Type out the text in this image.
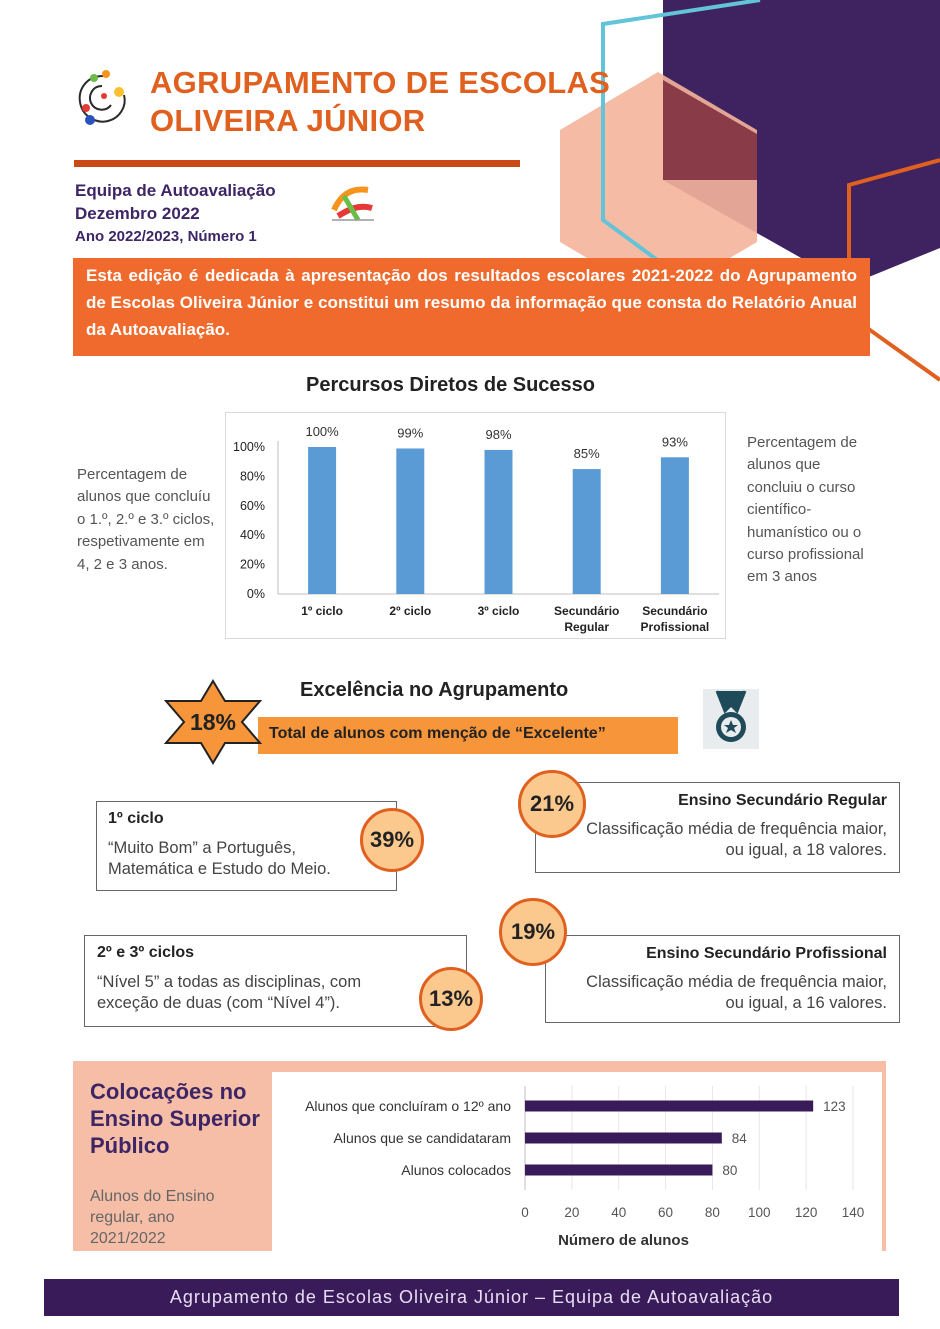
AGRUPAMENTO DE ESCOLAS
OLIVEIRA JÚNIOR
Equipa de Autoavaliação
Dezembro 2022
Ano 2022/2023, Número 1
Esta edição é dedicada à apresentação dos resultados escolares 2021-2022 do Agrupamento de Escolas Oliveira Júnior e constitui um resumo da informação que consta do Relatório Anual da Autoavaliação.
Percursos Diretos de Sucesso
Percentagem de alunos que concluíu o 1.º, 2.º e 3.º ciclos, respetivamente em 4, 2 e 3 anos.
Percentagem de alunos que concluiu o curso científico-humanístico ou o curso profissional em 3 anos
0%
20%
40%
60%
80%
100%
100%
1º ciclo
99%
2º ciclo
98%
3º ciclo
85%
Secundário
Regular
93%
Secundário
Profissional
Excelência no Agrupamento
Total de alunos com menção de “Excelente”
18%
1º ciclo
“Muito Bom” a Português, Matemática e Estudo do Meio.
39%
2º e 3º ciclos
“Nível 5” a todas as disciplinas, com exceção de duas (com “Nível 4”).	13%
Ensino Secundário Regular
Classificação média de frequência maior, ou igual, a 18 valores.
21%
Ensino Secundário Profissional
Classificação média de frequência maior, ou igual, a 16 valores.
19%
Colocações no
Ensino Superior
Público
Alunos do Ensino
regular, ano
2021/2022
0	20 40 60 80 100 120 140
123
Alunos que concluíram o 12º ano
84
Alunos que se candidataram
80
Alunos colocados
Número de alunos
Agrupamento de Escolas Oliveira Júnior – Equipa de Autoavaliação
